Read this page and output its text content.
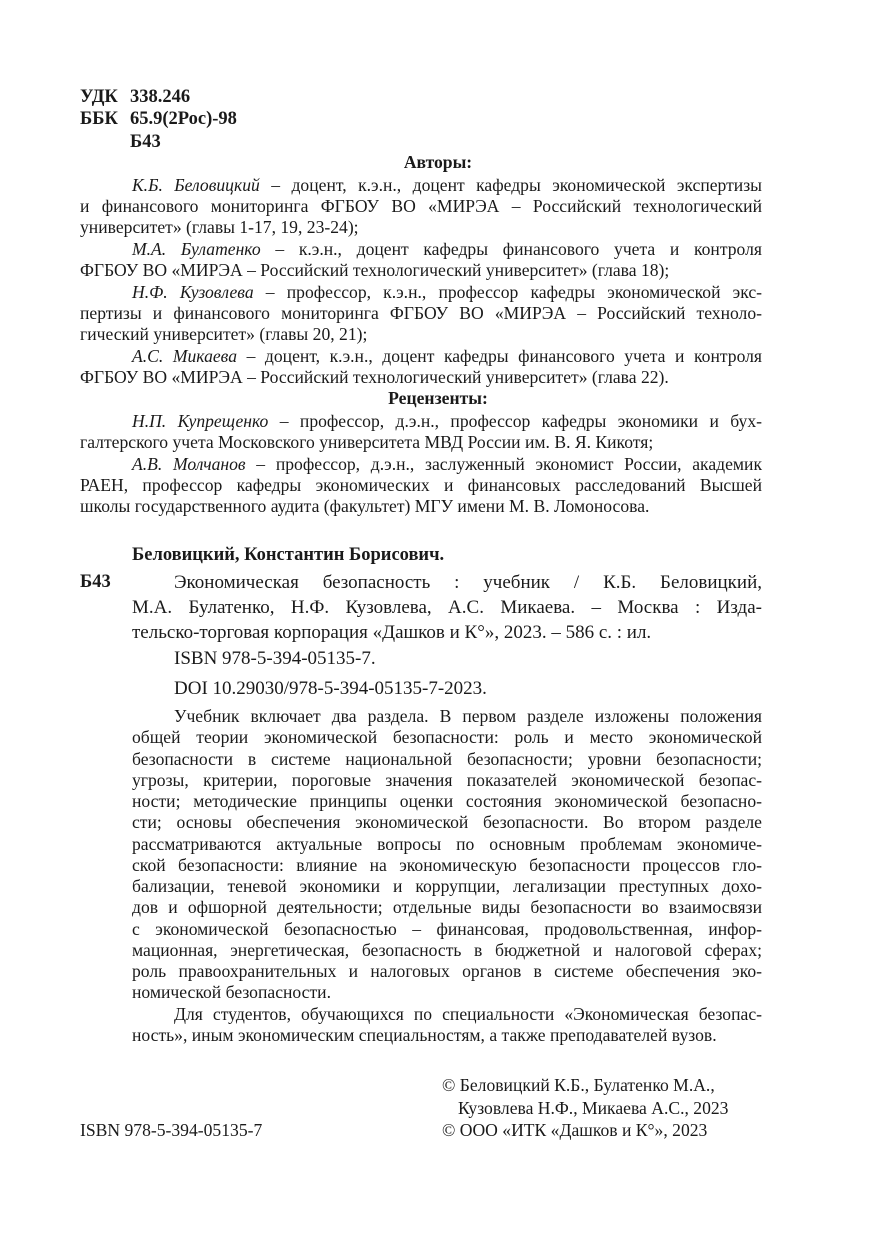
УДК 338.246
ББК 65.9(2Рос)-98
Б43
Авторы:
К.Б. Беловицкий – доцент, к.э.н., доцент кафедры экономической экспертизы
и финансового мониторинга ФГБОУ ВО «МИРЭА – Российский технологический
университет» (главы 1-17, 19, 23-24);
М.А. Булатенко – к.э.н., доцент кафедры финансового учета и контроля
ФГБОУ ВО «МИРЭА – Российский технологический университет» (глава 18);
Н.Ф. Кузовлева – профессор, к.э.н., профессор кафедры экономической экс-
пертизы и финансового мониторинга ФГБОУ ВО «МИРЭА – Российский техноло-
гический университет» (главы 20, 21);
А.С. Микаева – доцент, к.э.н., доцент кафедры финансового учета и контроля
ФГБОУ ВО «МИРЭА – Российский технологический университет» (глава 22).
Рецензенты:
Н.П. Купрещенко – профессор, д.э.н., профессор кафедры экономики и бух-
галтерского учета Московского университета МВД России им. В. Я. Кикотя;
А.В. Молчанов – профессор, д.э.н., заслуженный экономист России, академик
РАЕН, профессор кафедры экономических и финансовых расследований Высшей
школы государственного аудита (факультет) МГУ имени М. В. Ломоносова.
Беловицкий, Константин Борисович.
Б43	Экономическая безопасность : учебник / К.Б. Беловицкий,
М.А. Булатенко, Н.Ф. Кузовлева, А.С. Микаева. – Москва : Изда-
тельско-торговая корпорация «Дашков и К°», 2023. – 586 с. : ил.
ISBN 978-5-394-05135-7.
DOI 10.29030/978-5-394-05135-7-2023.
Учебник включает два раздела. В первом разделе изложены положения
общей теории экономической безопасности: роль и место экономической
безопасности в системе национальной безопасности; уровни безопасности;
угрозы, критерии, пороговые значения показателей экономической безопас-
ности; методические принципы оценки состояния экономической безопасно-
сти; основы обеспечения экономической безопасности. Во втором разделе
рассматриваются актуальные вопросы по основным проблемам экономиче-
ской безопасности: влияние на экономическую безопасности процессов гло-
бализации, теневой экономики и коррупции, легализации преступных дохо-
дов и офшорной деятельности; отдельные виды безопасности во взаимосвязи
с экономической безопасностью – финансовая, продовольственная, инфор-
мационная, энергетическая, безопасность в бюджетной и налоговой сферах;
роль правоохранительных и налоговых органов в системе обеспечения эко-
номической безопасности.
Для студентов, обучающихся по специальности «Экономическая безопас-
ность», иным экономическим специальностям, а также преподавателей вузов.
© Беловицкий К.Б., Булатенко М.А.,
Кузовлева Н.Ф., Микаева А.С., 2023
ISBN 978-5-394-05135-7	© ООО «ИТК «Дашков и К°», 2023
